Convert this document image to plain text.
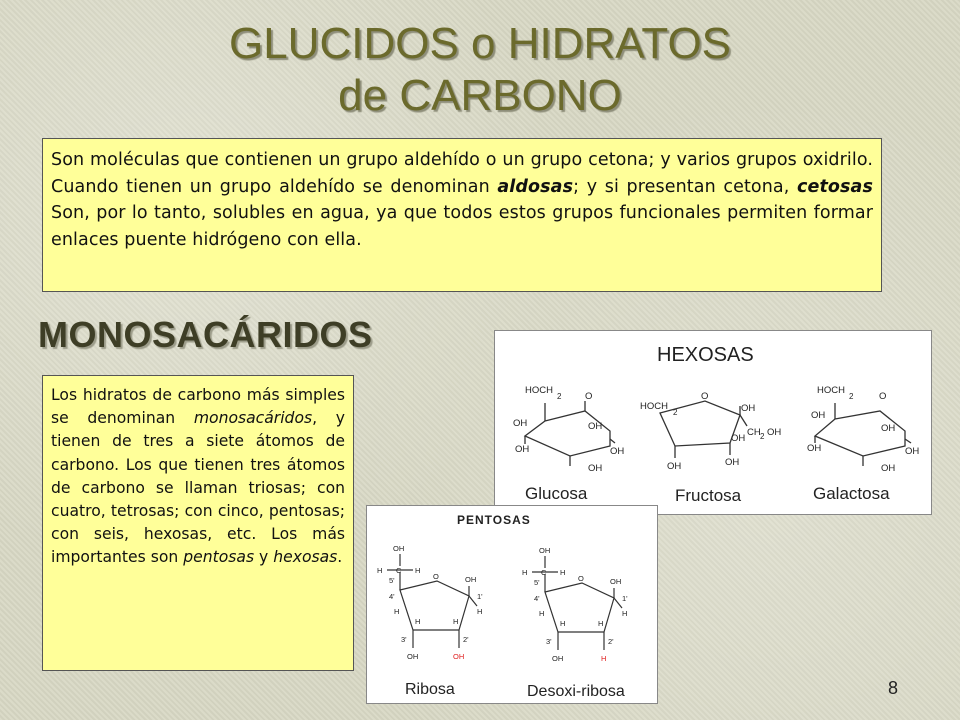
GLUCIDOS o HIDRATOS
de CARBONO
Son moléculas que contienen un grupo aldehído o un grupo cetona; y varios grupos oxidrilo. Cuando tienen un grupo aldehído se denominan aldosas; y si presentan cetona, cetosas Son, por lo tanto, solubles en agua, ya que todos estos grupos funcionales permiten formar enlaces puente hidrógeno con ella.
MONOSACÁRIDOS
Los hidratos de carbono más simples se denominan monosacáridos, y tienen de tres a siete átomos de carbono. Los que tienen tres átomos de carbono se llaman triosas; con cuatro, tetrosas; con cinco, pentosas; con seis, hexosas, etc. Los más importantes son pentosas y hexosas.
HEXOSAS
HOCH
2 O
OH
OH	OH
OH
OH
Glucosa
HOCH
2
O
OH
OH
CH 2 OH
OH	OH
Fructosa
HOCH
2	O
OH
OH	OH
OH
OH
Galactosa
PENTOSAS
OH
H C H
5'
4'
O	OH
1'
H
H
H	H
3'	2'
OH	OH
Ribosa
OH
H C H
5'
4'
O	OH
1'
H
H
H	H
3'	2'
OH	H
Desoxi-ribosa	8
